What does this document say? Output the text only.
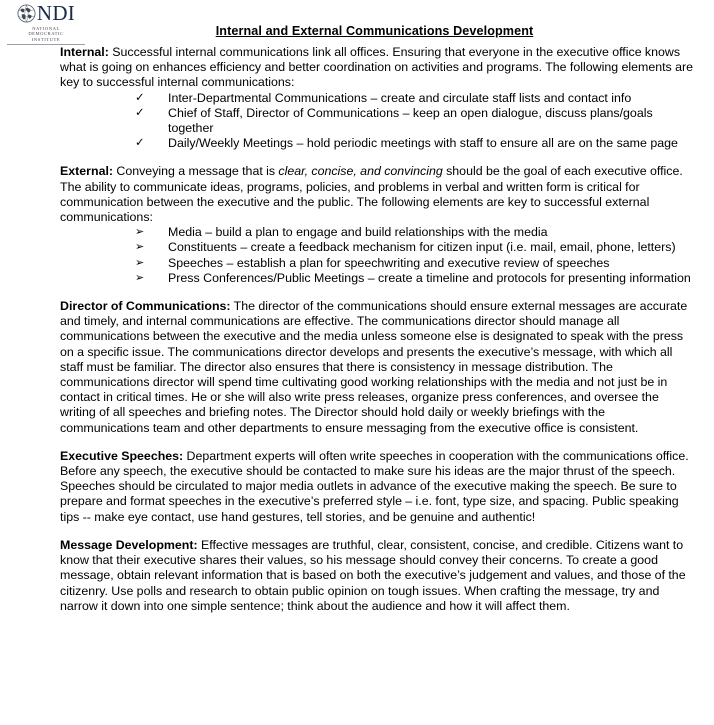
NDI
NATIONAL
DEMOCRATIC
INSTITUTE
Internal and External Communications Development

Internal: Successful internal communications link all offices. Ensuring that everyone in the executive office knows what is going on enhances efficiency and better coordination on activities and programs. The following elements are key to successful internal communications:

✓	Inter-Departmental Communications – create and circulate staff lists and contact info
✓	Chief of Staff, Director of Communications – keep an open dialogue, discuss plans/goals together
✓	Daily/Weekly Meetings – hold periodic meetings with staff to ensure all are on the same page

External: Conveying a message that is clear, concise, and convincing should be the goal of each executive office. The ability to communicate ideas, programs, policies, and problems in verbal and written form is critical for communication between the executive and the public. The following elements are key to successful external communications:

➢	Media – build a plan to engage and build relationships with the media
➢	Constituents – create a feedback mechanism for citizen input (i.e. mail, email, phone, letters)
➢	Speeches – establish a plan for speechwriting and executive review of speeches
➢	Press Conferences/Public Meetings – create a timeline and protocols for presenting information

Director of Communications: The director of the communications should ensure external messages are accurate and timely, and internal communications are effective. The communications director should manage all communications between the executive and the media unless someone else is designated to speak with the press on a specific issue. The communications director develops and presents the executive’s message, with which all staff must be familiar. The director also ensures that there is consistency in message distribution. The communications director will spend time cultivating good working relationships with the media and not just be in contact in critical times. He or she will also write press releases, organize press conferences, and oversee the writing of all speeches and briefing notes. The Director should hold daily or weekly briefings with the communications team and other departments to ensure messaging from the executive office is consistent.

Executive Speeches: Department experts will often write speeches in cooperation with the communications office. Before any speech, the executive should be contacted to make sure his ideas are the major thrust of the speech. Speeches should be circulated to major media outlets in advance of the executive making the speech. Be sure to prepare and format speeches in the executive’s preferred style – i.e. font, type size, and spacing. Public speaking tips -- make eye contact, use hand gestures, tell stories, and be genuine and authentic!

Message Development: Effective messages are truthful, clear, consistent, concise, and credible. Citizens want to know that their executive shares their values, so his message should convey their concerns. To create a good message, obtain relevant information that is based on both the executive’s judgement and values, and those of the citizenry. Use polls and research to obtain public opinion on tough issues. When crafting the message, try and narrow it down into one simple sentence; think about the audience and how it will affect them.
